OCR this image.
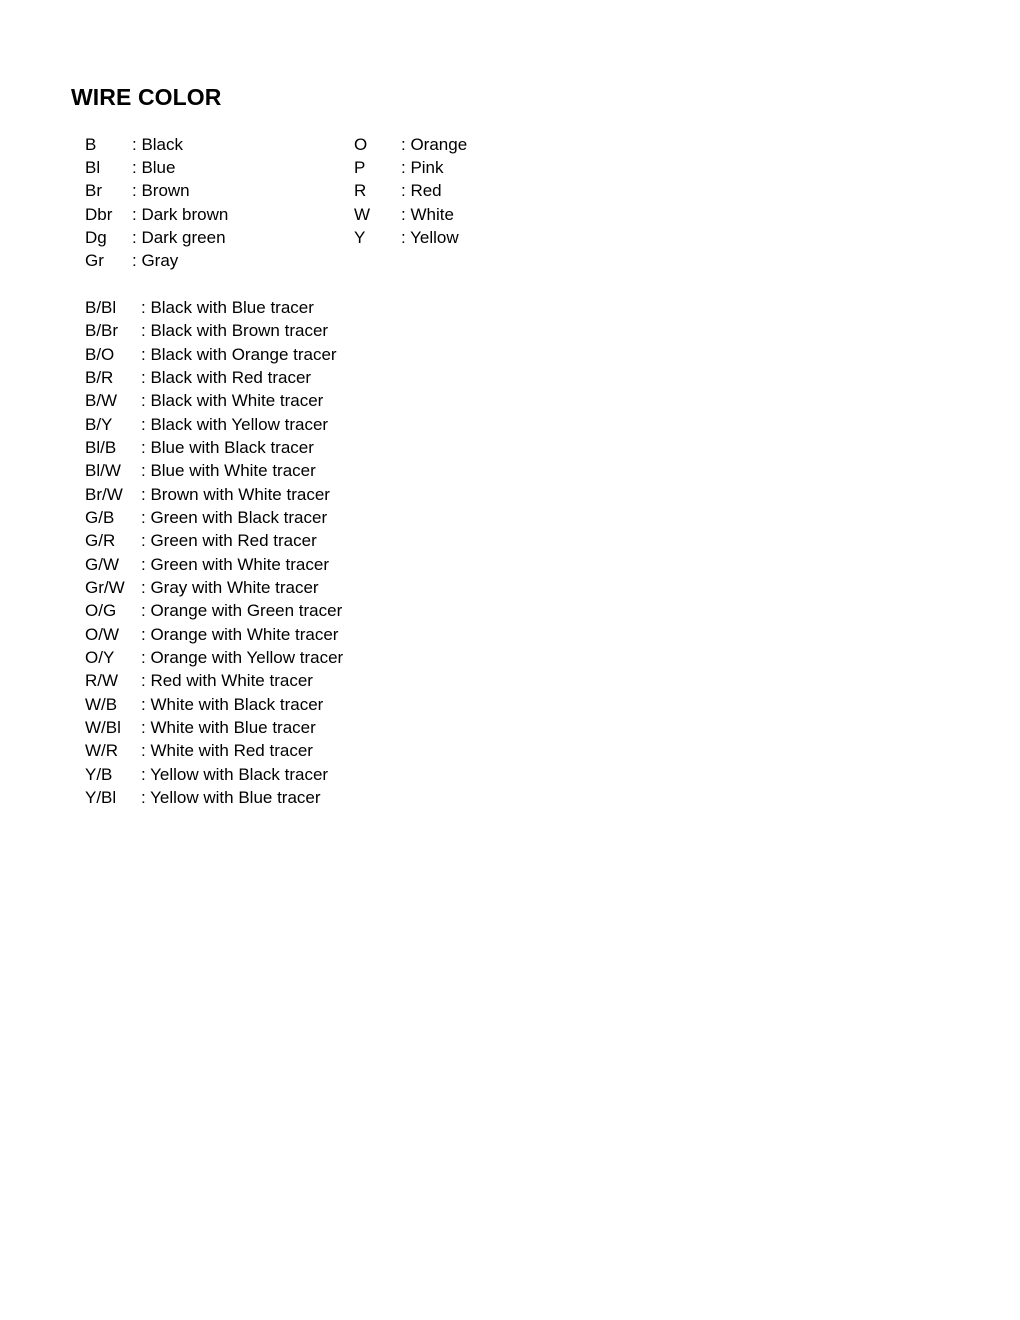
WIRE COLOR
B : Black
Bl : Blue
Br : Brown
Dbr : Dark brown
Dg : Dark green
Gr : Gray
O : Orange
P : Pink
R : Red
W : White
Y : Yellow
B/Bl : Black with Blue tracer
B/Br : Black with Brown tracer
B/O : Black with Orange tracer
B/R : Black with Red tracer
B/W : Black with White tracer
B/Y : Black with Yellow tracer
Bl/B : Blue with Black tracer
Bl/W : Blue with White tracer
Br/W : Brown with White tracer
G/B : Green with Black tracer
G/R : Green with Red tracer
G/W : Green with White tracer
Gr/W : Gray with White tracer
O/G : Orange with Green tracer
O/W : Orange with White tracer
O/Y : Orange with Yellow tracer
R/W : Red with White tracer
W/B : White with Black tracer
W/Bl : White with Blue tracer
W/R : White with Red tracer
Y/B : Yellow with Black tracer
Y/Bl : Yellow with Blue tracer
